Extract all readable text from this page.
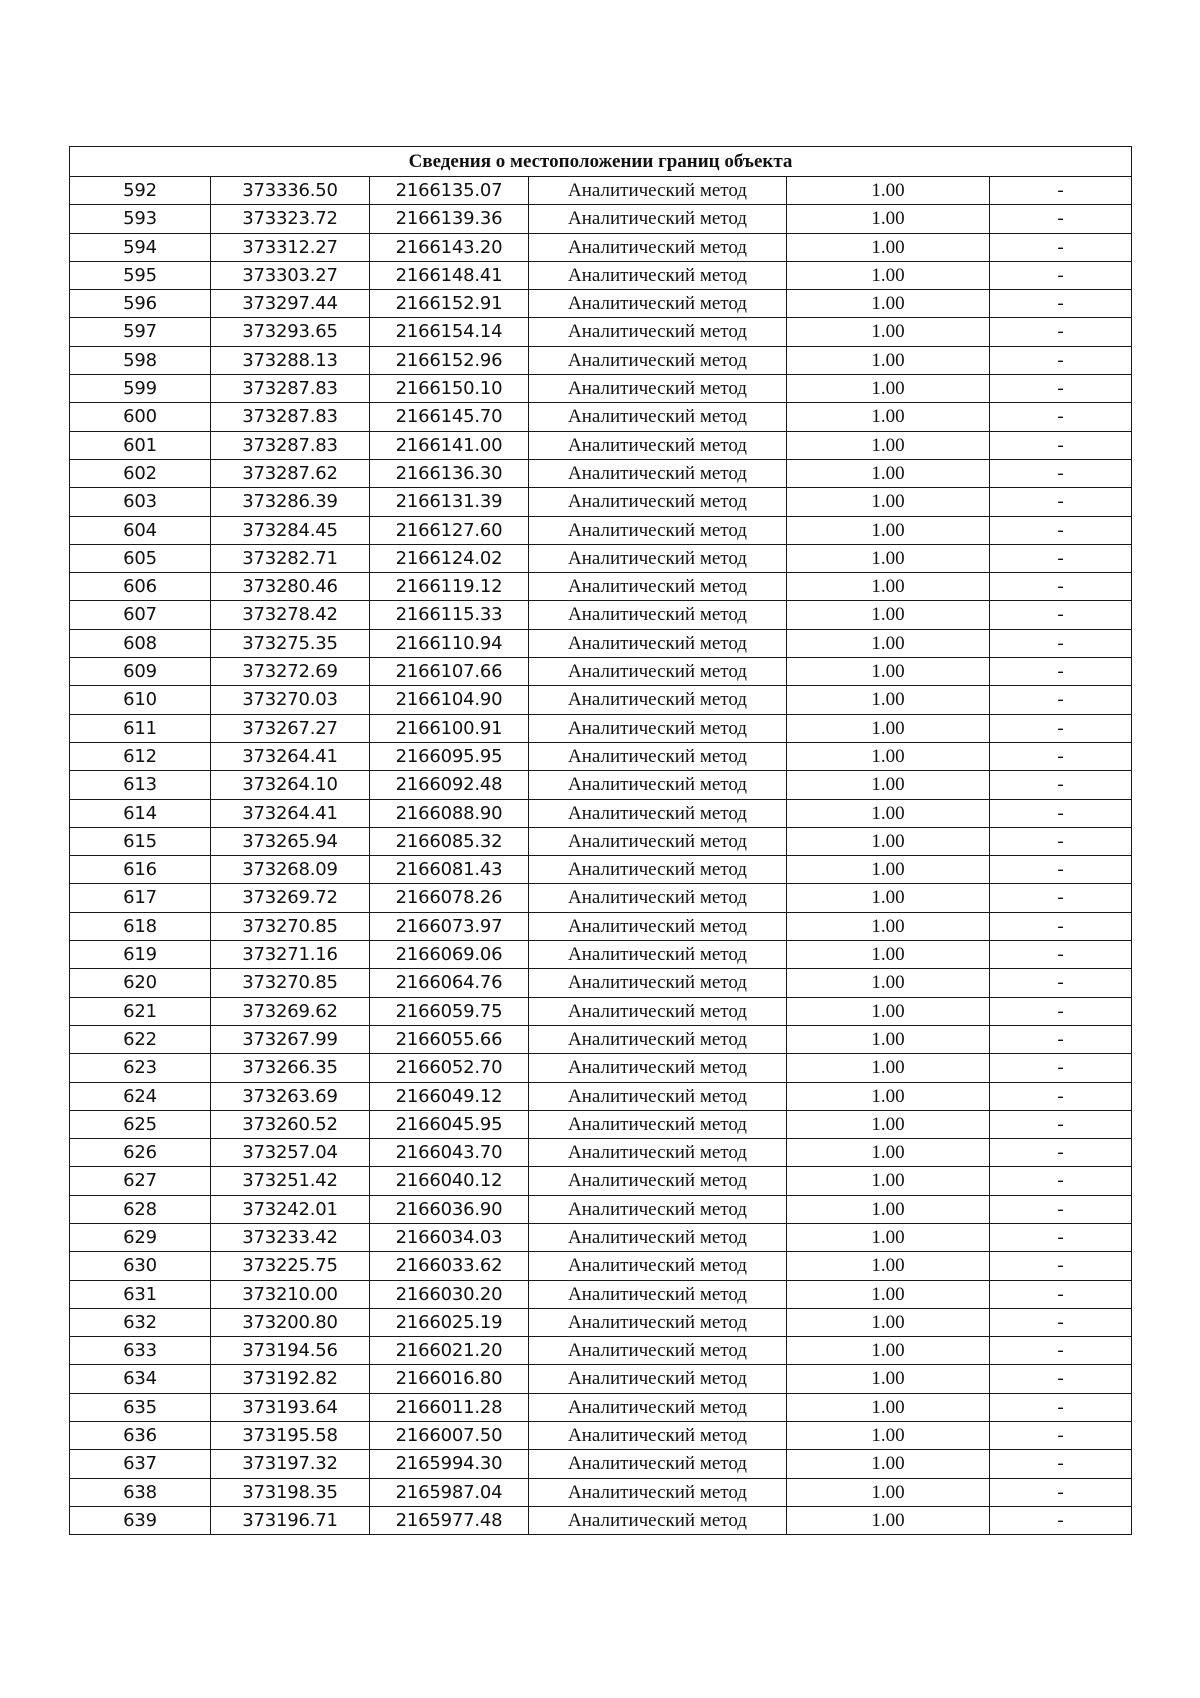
Сведения о местоположении границ объекта					
592	373336.50	2166135.07	Аналитический метод	1.00	-
593	373323.72	2166139.36	Аналитический метод	1.00	-
594	373312.27	2166143.20	Аналитический метод	1.00	-
595	373303.27	2166148.41	Аналитический метод	1.00	-
596	373297.44	2166152.91	Аналитический метод	1.00	-
597	373293.65	2166154.14	Аналитический метод	1.00	-
598	373288.13	2166152.96	Аналитический метод	1.00	-
599	373287.83	2166150.10	Аналитический метод	1.00	-
600	373287.83	2166145.70	Аналитический метод	1.00	-
601	373287.83	2166141.00	Аналитический метод	1.00	-
602	373287.62	2166136.30	Аналитический метод	1.00	-
603	373286.39	2166131.39	Аналитический метод	1.00	-
604	373284.45	2166127.60	Аналитический метод	1.00	-
605	373282.71	2166124.02	Аналитический метод	1.00	-
606	373280.46	2166119.12	Аналитический метод	1.00	-
607	373278.42	2166115.33	Аналитический метод	1.00	-
608	373275.35	2166110.94	Аналитический метод	1.00	-
609	373272.69	2166107.66	Аналитический метод	1.00	-
610	373270.03	2166104.90	Аналитический метод	1.00	-
611	373267.27	2166100.91	Аналитический метод	1.00	-
612	373264.41	2166095.95	Аналитический метод	1.00	-
613	373264.10	2166092.48	Аналитический метод	1.00	-
614	373264.41	2166088.90	Аналитический метод	1.00	-
615	373265.94	2166085.32	Аналитический метод	1.00	-
616	373268.09	2166081.43	Аналитический метод	1.00	-
617	373269.72	2166078.26	Аналитический метод	1.00	-
618	373270.85	2166073.97	Аналитический метод	1.00	-
619	373271.16	2166069.06	Аналитический метод	1.00	-
620	373270.85	2166064.76	Аналитический метод	1.00	-
621	373269.62	2166059.75	Аналитический метод	1.00	-
622	373267.99	2166055.66	Аналитический метод	1.00	-
623	373266.35	2166052.70	Аналитический метод	1.00	-
624	373263.69	2166049.12	Аналитический метод	1.00	-
625	373260.52	2166045.95	Аналитический метод	1.00	-
626	373257.04	2166043.70	Аналитический метод	1.00	-
627	373251.42	2166040.12	Аналитический метод	1.00	-
628	373242.01	2166036.90	Аналитический метод	1.00	-
629	373233.42	2166034.03	Аналитический метод	1.00	-
630	373225.75	2166033.62	Аналитический метод	1.00	-
631	373210.00	2166030.20	Аналитический метод	1.00	-
632	373200.80	2166025.19	Аналитический метод	1.00	-
633	373194.56	2166021.20	Аналитический метод	1.00	-
634	373192.82	2166016.80	Аналитический метод	1.00	-
635	373193.64	2166011.28	Аналитический метод	1.00	-
636	373195.58	2166007.50	Аналитический метод	1.00	-
637	373197.32	2165994.30	Аналитический метод	1.00	-
638	373198.35	2165987.04	Аналитический метод	1.00	-
639	373196.71	2165977.48	Аналитический метод	1.00	-
